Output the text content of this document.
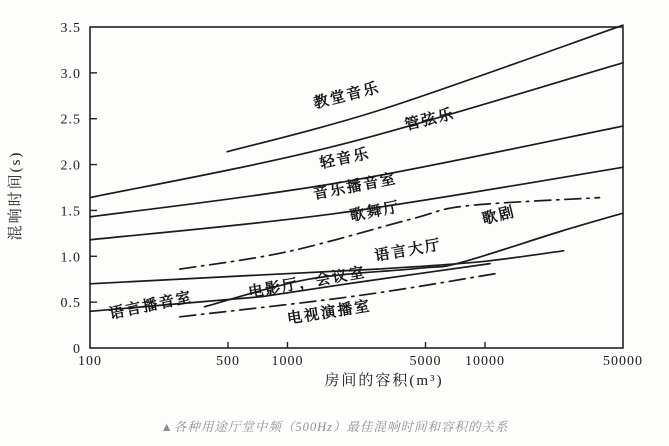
0
0.5
1.0
1.5
2.0
2.5
3.0
3.5
100	500 1000	5000 10000	50000
混响时间(s)
房间的容积(m³)
教堂音乐
管弦乐
轻音乐
音乐播音室
歌舞厅	歌剧
语言大厅
电影厅，会议室
语言播音室	电视演播室
▲各种用途厅堂中频（500Hz）最佳混响时间和容积的关系
